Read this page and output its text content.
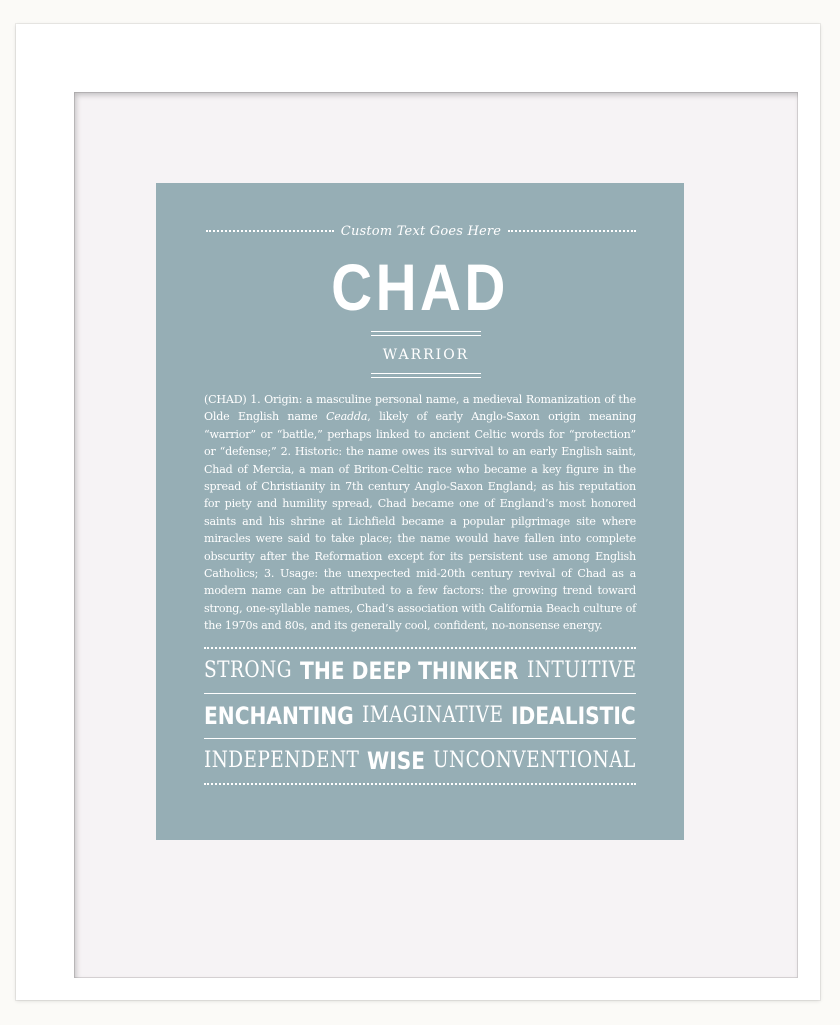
Custom Text Goes Here
CHAD
WARRIOR
(CHAD) 1. Origin: a masculine personal name, a medieval Romanization of the Olde English name Ceadda, likely of early Anglo-Saxon origin meaning “warrior” or “battle,” perhaps linked to ancient Celtic words for “protection” or “defense;” 2. Historic: the name owes its survival to an early English saint, Chad of Mercia, a man of Briton-Celtic race who became a key figure in the spread of Christianity in 7th century Anglo-Saxon England; as his reputation for piety and humility spread, Chad became one of England’s most honored saints and his shrine at Lichfield became a popular pilgrimage site where miracles were said to take place; the name would have fallen into complete obscurity after the Reformation except for its persistent use among English Catholics; 3. Usage: the unexpected mid-20th century revival of Chad as a modern name can be attributed to a few factors: the growing trend toward strong, one-syllable names, Chad’s association with California Beach culture of the 1970s and 80s, and its generally cool, confident, no-nonsense energy.
STRONG THE DEEP THINKER INTUITIVE
ENCHANTING IMAGINATIVE IDEALISTIC
INDEPENDENT WISE UNCONVENTIONAL
